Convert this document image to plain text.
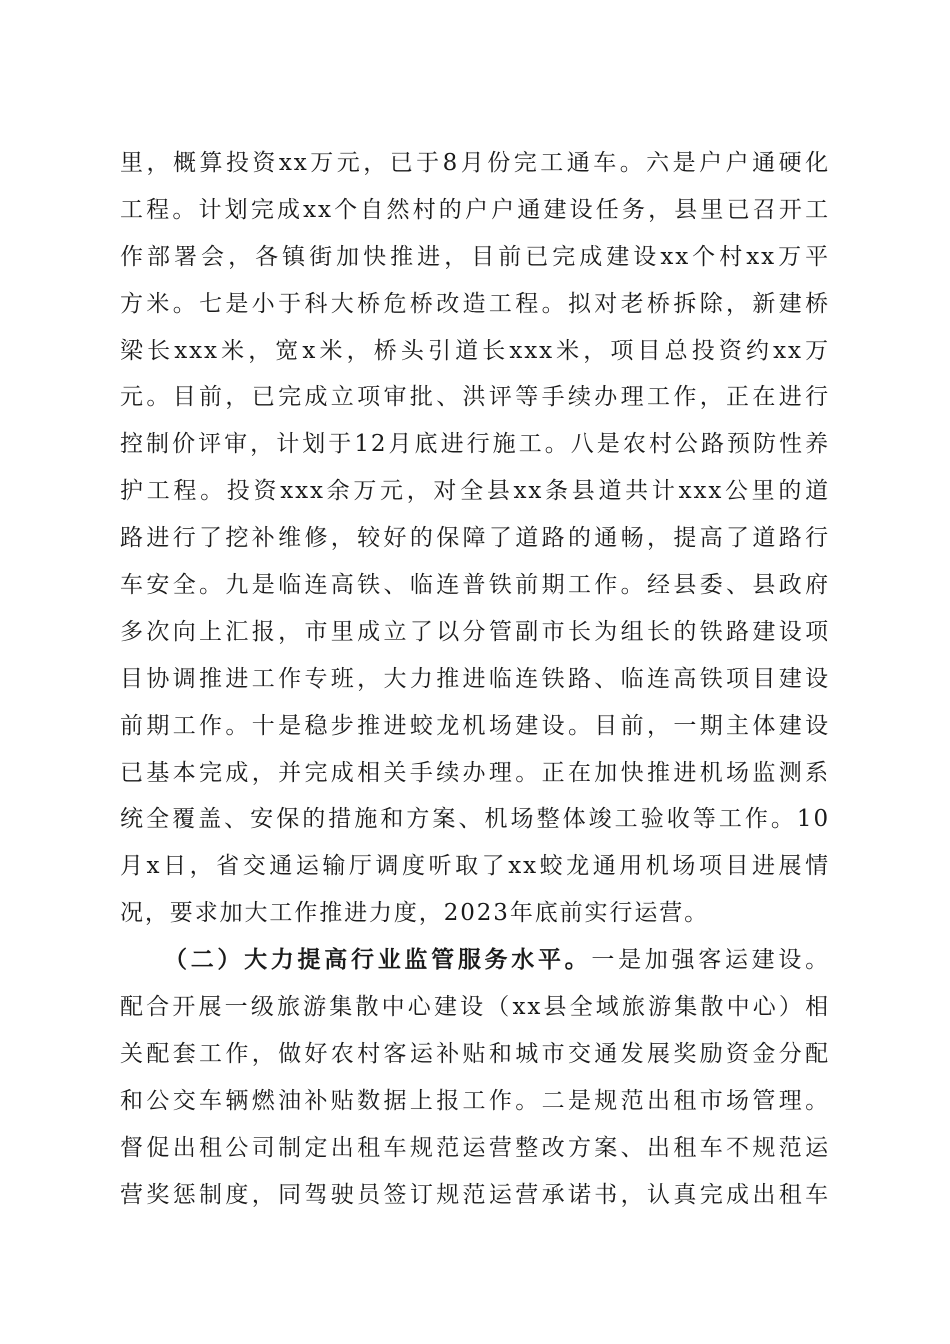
里，概算投资xx万元，已于8月份完工通车。六是户户通硬化
工程。计划完成xx个自然村的户户通建设任务，县里已召开工
作部署会，各镇街加快推进，目前已完成建设xx个村xx万平
方米。七是小于科大桥危桥改造工程。拟对老桥拆除，新建桥
梁长xxx米，宽x米，桥头引道长xxx米，项目总投资约xx万
元。目前，已完成立项审批、洪评等手续办理工作，正在进行
控制价评审，计划于12月底进行施工。八是农村公路预防性养
护工程。投资xxx余万元，对全县xx条县道共计xxx公里的道
路进行了挖补维修，较好的保障了道路的通畅，提高了道路行
车安全。九是临连高铁、临连普铁前期工作。经县委、县政府
多次向上汇报，市里成立了以分管副市长为组长的铁路建设项
目协调推进工作专班，大力推进临连铁路、临连高铁项目建设
前期工作。十是稳步推进蛟龙机场建设。目前，一期主体建设
已基本完成，并完成相关手续办理。正在加快推进机场监测系
统全覆盖、安保的措施和方案、机场整体竣工验收等工作。10
月x日，省交通运输厅调度听取了xx蛟龙通用机场项目进展情
况，要求加大工作推进力度，2023年底前实行运营。
（二）大力提高行业监管服务水平。一是加强客运建设。
配合开展一级旅游集散中心建设（xx县全域旅游集散中心）相
关配套工作，做好农村客运补贴和城市交通发展奖励资金分配
和公交车辆燃油补贴数据上报工作。二是规范出租市场管理。
督促出租公司制定出租车规范运营整改方案、出租车不规范运
营奖惩制度，同驾驶员签订规范运营承诺书，认真完成出租车
